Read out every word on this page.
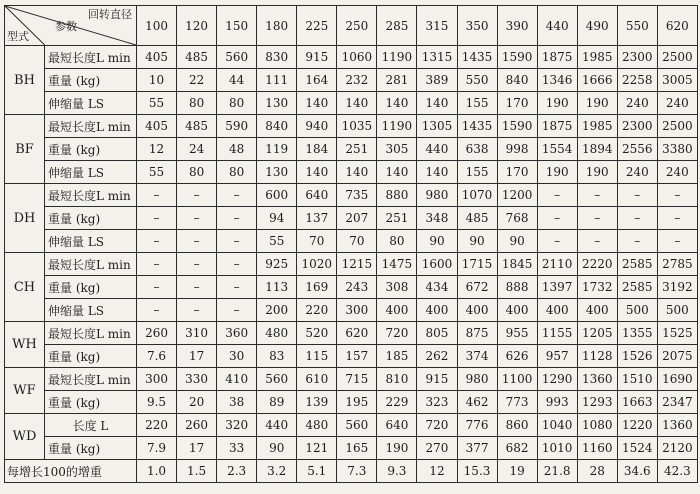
回转直径
参数
型式		100	120	150	180	225	250	285	315	350	390	440	490	550	620
BH	最短长度L min	405	485	560	830	915	1060	1190	1315	1435	1590	1875	1985	2300	2500
	重量 (kg)	10	22	44	111	164	232	281	389	550	840	1346	1666	2258	3005
	伸缩量 LS	55	80	80	130	140	140	140	140	155	170	190	190	240	240
BF	最短长度L min	405	485	590	840	940	1035	1190	1305	1435	1590	1875	1985	2300	2500
	重量 (kg)	12	24	48	119	184	251	305	440	638	998	1554	1894	2556	3380
	伸缩量 LS	55	80	80	130	140	140	140	140	155	170	190	190	240	240
DH	最短长度L min	–	–	–	600	640	735	880	980	1070	1200	–	–	–	–
	重量 (kg)	–	–	–	94	137	207	251	348	485	768	–	–	–	–
	伸缩量 LS	–	–	–	55	70	70	80	90	90	90	–	–	–	–
CH	最短长度L min	–	–	–	925	1020	1215	1475	1600	1715	1845	2110	2220	2585	2785
	重量 (kg)	–	–	–	113	169	243	308	434	672	888	1397	1732	2585	3192
	伸缩量 LS	–	–	–	200	220	300	400	400	400	400	400	400	500	500
WH	最短长度L min	260	310	360	480	520	620	720	805	875	955	1155	1205	1355	1525
	重量 (kg)	7.6	17	30	83	115	157	185	262	374	626	957	1128	1526	2075
WF	最短长度L min	300	330	410	560	610	715	810	915	980	1100	1290	1360	1510	1690
	重量 (kg)	9.5	20	38	89	139	195	229	323	462	773	993	1293	1663	2347
WD	长度 L	220	260	320	440	480	560	640	720	776	860	1040	1080	1220	1360
	重量 (kg)	7.9	17	33	90	121	165	190	270	377	682	1010	1160	1524	2120
每增长100的增重		1.0	1.5	2.3	3.2	5.1	7.3	9.3	12	15.3	19	21.8	28	34.6	42.3
